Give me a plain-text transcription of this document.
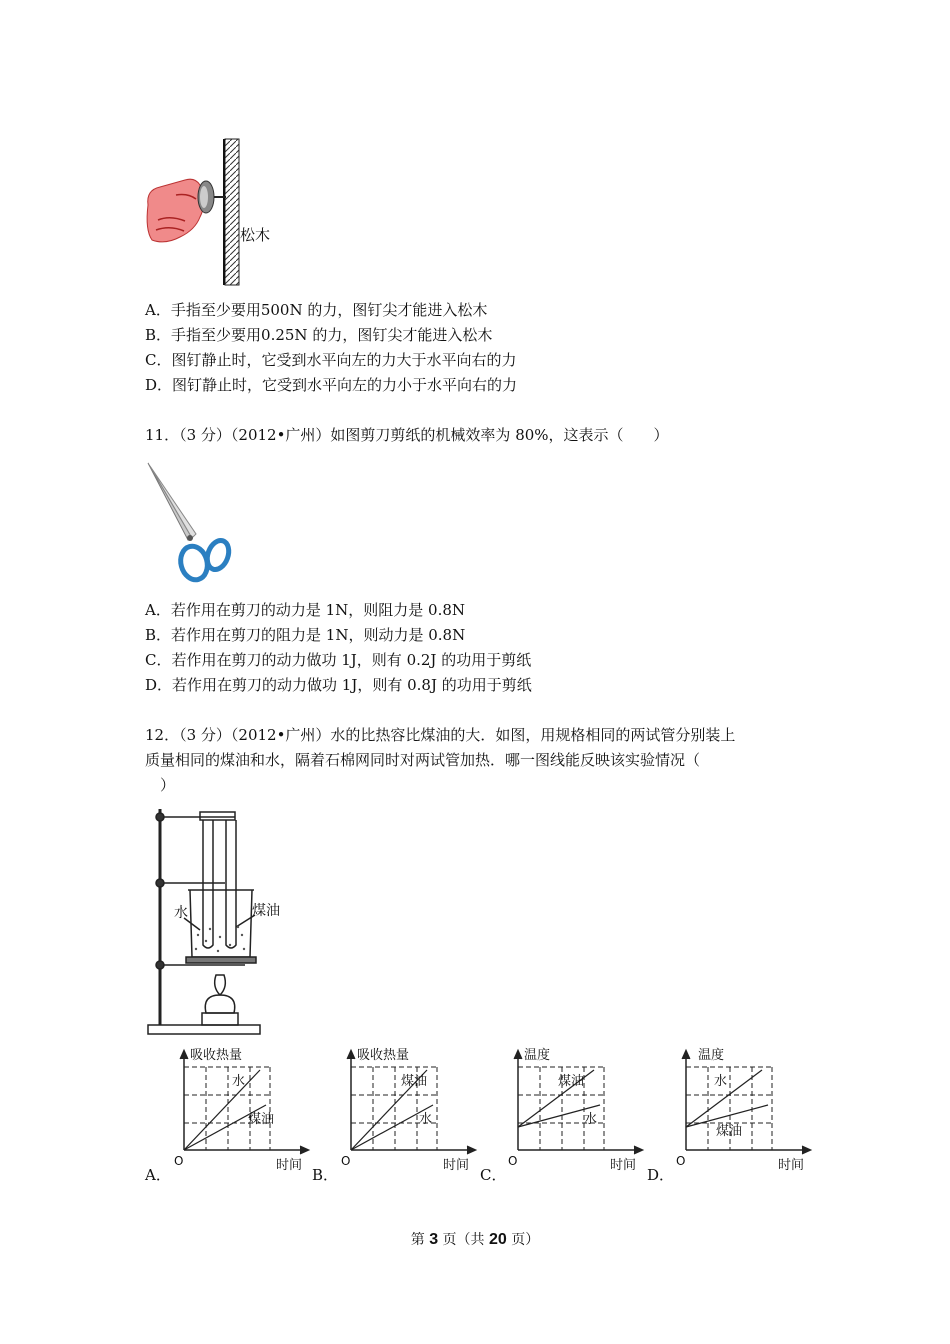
松木
A．手指至少要用500N 的力，图钉尖才能进入松木
B．手指至少要用0.25N 的力，图钉尖才能进入松木
C．图钉静止时，它受到水平向左的力大于水平向右的力
D．图钉静止时，它受到水平向左的力小于水平向右的力
11．（3 分）（2012•广州）如图剪刀剪纸的机械效率为 80%，这表示（　　）
A．若作用在剪刀的动力是 1N，则阻力是 0.8N
B．若作用在剪刀的阻力是 1N，则动力是 0.8N
C．若作用在剪刀的动力做功 1J，则有 0.2J 的功用于剪纸
D．若作用在剪刀的动力做功 1J，则有 0.8J 的功用于剪纸
12．（3 分）（2012•广州）水的比热容比煤油的大．如图，用规格相同的两试管分别装上
质量相同的煤油和水，隔着石棉网同时对两试管加热．哪一图线能反映该实验情况（
）
水	煤油
吸收热量
水
煤油
O	时间
A．
吸收热量
煤油
水
O	时间
B．
温度
煤油
水
O	时间
C．
温度
水
煤油
O	时间
D．
第 3 页（共 20 页）
